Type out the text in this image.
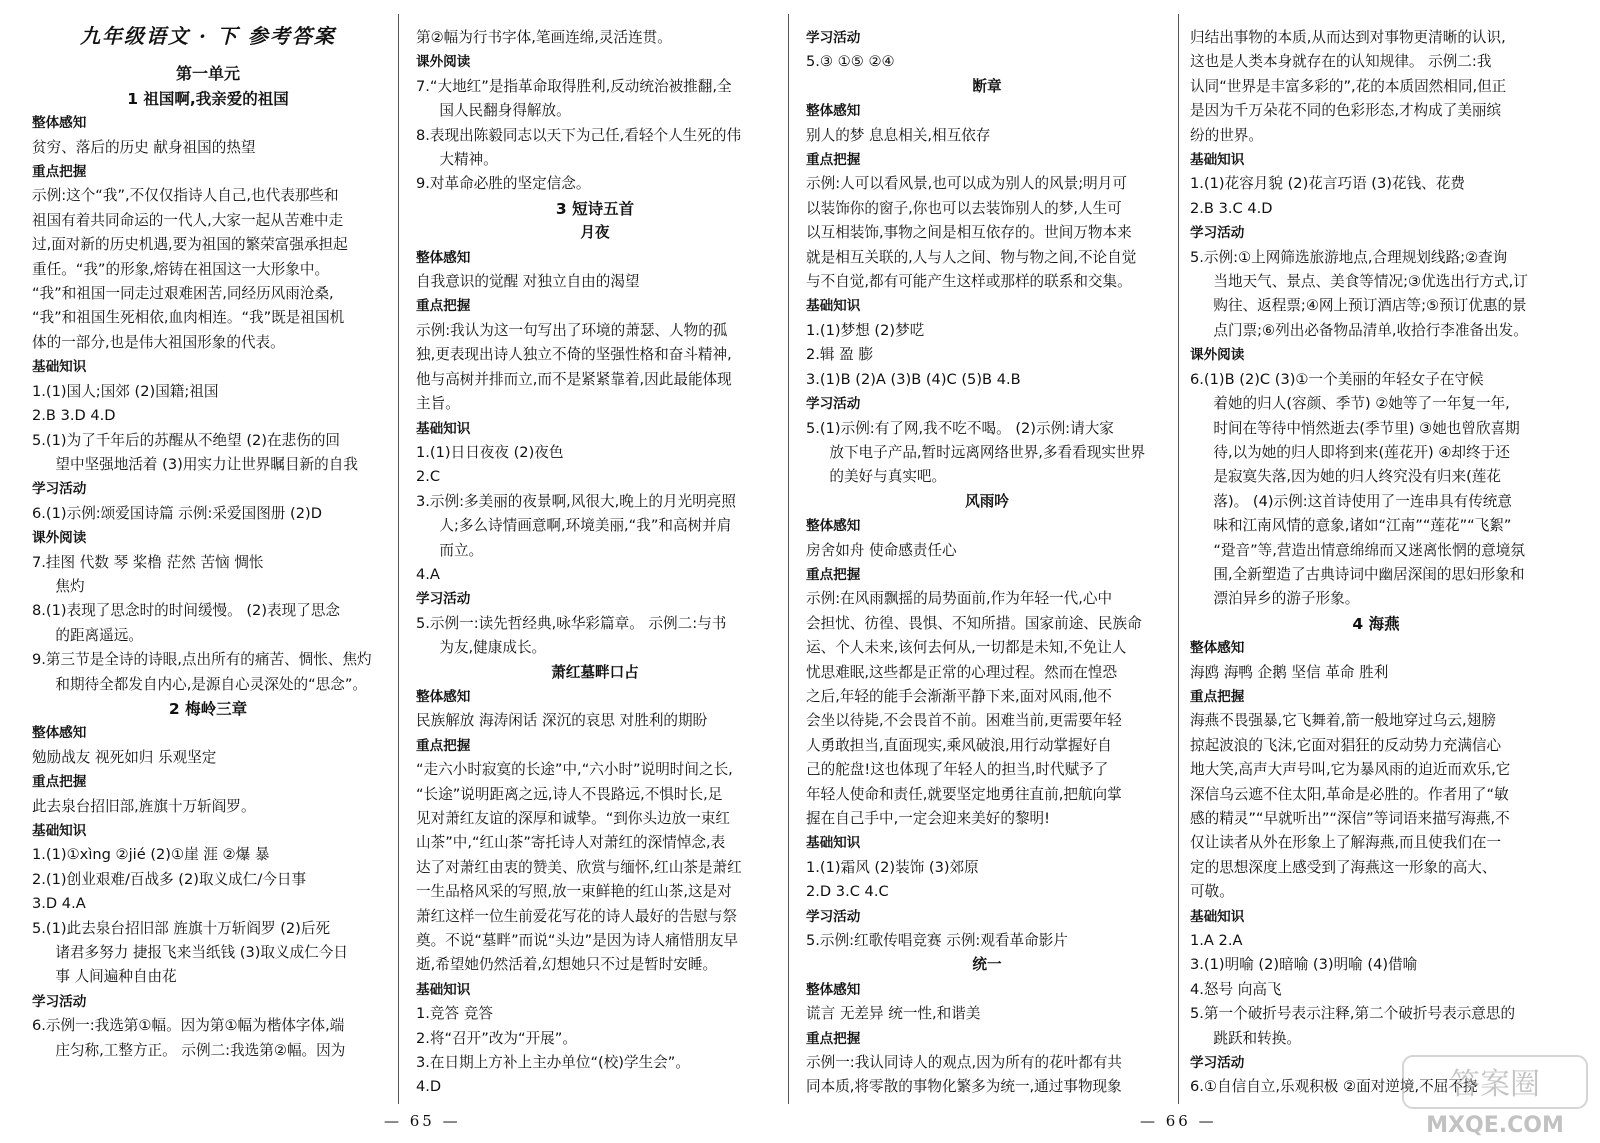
九年级语文 · 下 参考答案

第一单元

1 祖国啊,我亲爱的祖国

整体感知

贫穷、落后的历史 献身祖国的热望

重点把握

示例:这个“我”,不仅仅指诗人自己,也代表那些和

祖国有着共同命运的一代人,大家一起从苦难中走

过,面对新的历史机遇,要为祖国的繁荣富强承担起

重任。“我”的形象,熔铸在祖国这一大形象中。

“我”和祖国一同走过艰难困苦,同经历风雨沧桑,

“我”和祖国生死相依,血肉相连。“我”既是祖国机

体的一部分,也是伟大祖国形象的代表。

基础知识

1.(1)国人;国郊 (2)国籍;祖国

2.B 3.D 4.D

5.(1)为了千年后的苏醒从不绝望 (2)在悲伤的回

望中坚强地活着 (3)用实力让世界瞩目新的自我

学习活动

6.(1)示例:颂爱国诗篇 示例:采爱国图册 (2)D

课外阅读

7.挂图 代数 琴 桨橹 茫然 苦恼 惆怅

焦灼

8.(1)表现了思念时的时间缓慢。 (2)表现了思念

的距离遥远。

9.第三节是全诗的诗眼,点出所有的痛苦、惆怅、焦灼

和期待全都发自内心,是源自心灵深处的“思念”。

2 梅岭三章

整体感知

勉励战友 视死如归 乐观坚定

重点把握

此去泉台招旧部,旌旗十万斩阎罗。

基础知识

1.(1)①xìng ②jié (2)①崖 涯 ②爆 暴

2.(1)创业艰难/百战多 (2)取义成仁/今日事

3.D 4.A

5.(1)此去泉台招旧部 旌旗十万斩阎罗 (2)后死

诸君多努力 捷报飞来当纸钱 (3)取义成仁今日

事 人间遍种自由花

学习活动

6.示例一:我选第①幅。因为第①幅为楷体字体,端

庄匀称,工整方正。 示例二:我选第②幅。因为

第②幅为行书字体,笔画连绵,灵活连贯。

课外阅读

7.“大地红”是指革命取得胜利,反动统治被推翻,全

国人民翻身得解放。

8.表现出陈毅同志以天下为己任,看轻个人生死的伟

大精神。

9.对革命必胜的坚定信念。

3 短诗五首

月夜

整体感知

自我意识的觉醒 对独立自由的渴望

重点把握

示例:我认为这一句写出了环境的萧瑟、人物的孤

独,更表现出诗人独立不倚的坚强性格和奋斗精神,

他与高树并排而立,而不是紧紧靠着,因此最能体现

主旨。

基础知识

1.(1)日日夜夜 (2)夜色

2.C

3.示例:多美丽的夜景啊,风很大,晚上的月光明亮照

人;多么诗情画意啊,环境美丽,“我”和高树并肩

而立。

4.A

学习活动

5.示例一:读先哲经典,咏华彩篇章。 示例二:与书

为友,健康成长。

萧红墓畔口占

整体感知

民族解放 海涛闲话 深沉的哀思 对胜利的期盼

重点把握

“走六小时寂寞的长途”中,“六小时”说明时间之长,

“长途”说明距离之远,诗人不畏路远,不惧时长,足

见对萧红友谊的深厚和诚挚。“到你头边放一束红

山茶”中,“红山茶”寄托诗人对萧红的深情悼念,表

达了对萧红由衷的赞美、欣赏与缅怀,红山茶是萧红

一生品格风采的写照,放一束鲜艳的红山茶,这是对

萧红这样一位生前爱花写花的诗人最好的告慰与祭

奠。不说“墓畔”而说“头边”是因为诗人痛惜朋友早

逝,希望她仍然活着,幻想她只不过是暂时安睡。

基础知识

1.竞答 竞答

2.将“召开”改为“开展”。

3.在日期上方补上主办单位“(校)学生会”。

4.D

— 65 —

学习活动

5.③ ①⑤ ②④

断章

整体感知

别人的梦 息息相关,相互依存

重点把握

示例:人可以看风景,也可以成为别人的风景;明月可

以装饰你的窗子,你也可以去装饰别人的梦,人生可

以互相装饰,事物之间是相互依存的。世间万物本来

就是相互关联的,人与人之间、物与物之间,不论自觉

与不自觉,都有可能产生这样或那样的联系和交集。

基础知识

1.(1)梦想 (2)梦呓

2.辑 盈 膨

3.(1)B (2)A (3)B (4)C (5)B 4.B

学习活动

5.(1)示例:有了网,我不吃不喝。 (2)示例:请大家

放下电子产品,暂时远离网络世界,多看看现实世界

的美好与真实吧。

风雨吟

整体感知

房舍如舟 使命感责任心

重点把握

示例:在风雨飘摇的局势面前,作为年轻一代,心中

会担忧、彷徨、畏惧、不知所措。国家前途、民族命

运、个人未来,该何去何从,一切都是未知,不免让人

忧思难眠,这些都是正常的心理过程。然而在惶恐

之后,年轻的能手会渐渐平静下来,面对风雨,他不

会坐以待毙,不会畏首不前。困难当前,更需要年轻

人勇敢担当,直面现实,乘风破浪,用行动掌握好自

己的舵盘!这也体现了年轻人的担当,时代赋予了

年轻人使命和责任,就要坚定地勇往直前,把航向掌

握在自己手中,一定会迎来美好的黎明!

基础知识

1.(1)霜风 (2)装饰 (3)郊原

2.D 3.C 4.C

学习活动

5.示例:红歌传唱竞赛 示例:观看革命影片

统一

整体感知

谎言 无差异 统一性,和谐美

重点把握

示例一:我认同诗人的观点,因为所有的花叶都有共

同本质,将零散的事物化繁多为统一,通过事物现象

归结出事物的本质,从而达到对事物更清晰的认识,

这也是人类本身就存在的认知规律。 示例二:我

认同“世界是丰富多彩的”,花的本质固然相同,但正

是因为千万朵花不同的色彩形态,才构成了美丽缤

纷的世界。

基础知识

1.(1)花容月貌 (2)花言巧语 (3)花钱、花费

2.B 3.C 4.D

学习活动

5.示例:①上网筛选旅游地点,合理规划线路;②查询

当地天气、景点、美食等情况;③优选出行方式,订

购往、返程票;④网上预订酒店等;⑤预订优惠的景

点门票;⑥列出必备物品清单,收拾行李准备出发。

课外阅读

6.(1)B (2)C (3)①一个美丽的年轻女子在守候

着她的归人(容颜、季节) ②她等了一年复一年,

时间在等待中悄然逝去(季节里) ③她也曾欣喜期

待,以为她的归人即将到来(莲花开) ④却终于还

是寂寞失落,因为她的归人终究没有归来(莲花

落)。 (4)示例:这首诗使用了一连串具有传统意

味和江南风情的意象,诸如“江南”“莲花”“飞絮”

“跫音”等,营造出情意绵绵而又迷离怅惘的意境氛

围,全新塑造了古典诗词中幽居深闺的思妇形象和

漂泊异乡的游子形象。

4 海燕

整体感知

海鸥 海鸭 企鹅 坚信 革命 胜利

重点把握

海燕不畏强暴,它飞舞着,箭一般地穿过乌云,翅膀

掠起波浪的飞沫,它面对猖狂的反动势力充满信心

地大笑,高声大声号叫,它为暴风雨的迫近而欢乐,它

深信乌云遮不住太阳,革命是必胜的。作者用了“敏

感的精灵”“早就听出”“深信”等词语来描写海燕,不

仅让读者从外在形象上了解海燕,而且使我们在一

定的思想深度上感受到了海燕这一形象的高大、

可敬。

基础知识

1.A 2.A

3.(1)明喻 (2)暗喻 (3)明喻 (4)借喻

4.怒号 向高飞

5.第一个破折号表示注释,第二个破折号表示意思的

跳跃和转换。

学习活动

6.①自信自立,乐观积极 ②面对逆境,不屈不挠

— 66 —
答案圈
MXQE.COM
